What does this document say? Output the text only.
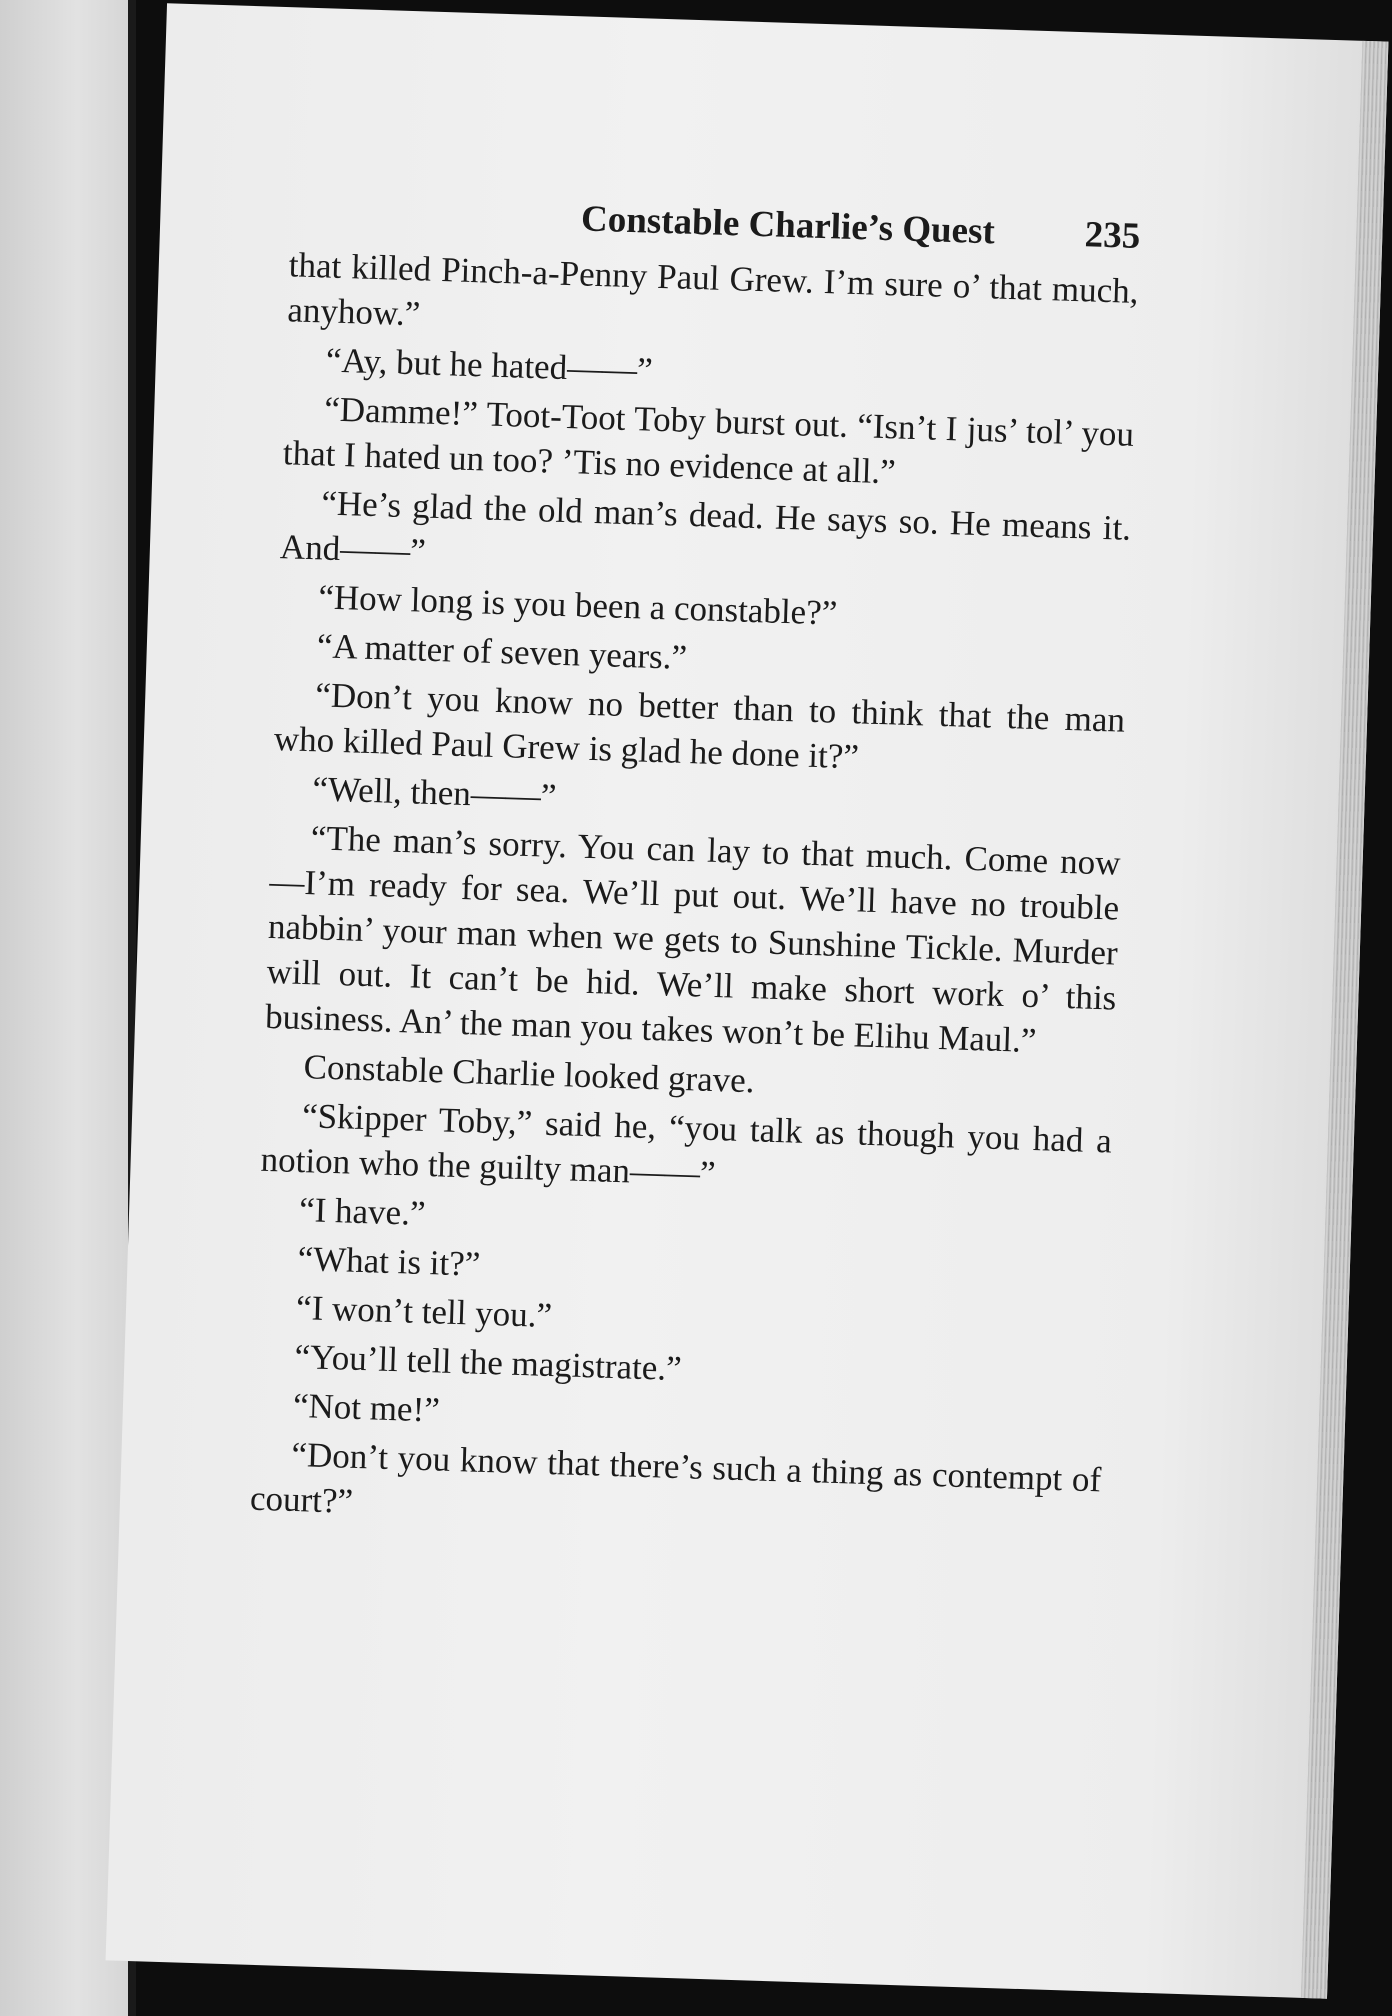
Constable Charlie’s Quest 235

that killed Pinch-a-Penny Paul Grew. I’m sure o’ that much, anyhow.”

“Ay, but he hated——”

“Damme!” Toot-Toot Toby burst out. “Isn’t I jus’ tol’ you that I hated un too? ’Tis no evidence at all.”

“He’s glad the old man’s dead. He says so. He means it. And——”

“How long is you been a constable?”

“A matter of seven years.”

“Don’t you know no better than to think that the man who killed Paul Grew is glad he done it?”

“Well, then——”

“The man’s sorry. You can lay to that much. Come now—I’m ready for sea. We’ll put out. We’ll have no trouble nabbin’ your man when we gets to Sunshine Tickle. Murder will out. It can’t be hid. We’ll make short work o’ this business. An’ the man you takes won’t be Elihu Maul.”

Constable Charlie looked grave.

“Skipper Toby,” said he, “you talk as though you had a notion who the guilty man——”

“I have.”

“What is it?”

“I won’t tell you.”

“You’ll tell the magistrate.”

“Not me!”

“Don’t you know that there’s such a thing as contempt of court?”
